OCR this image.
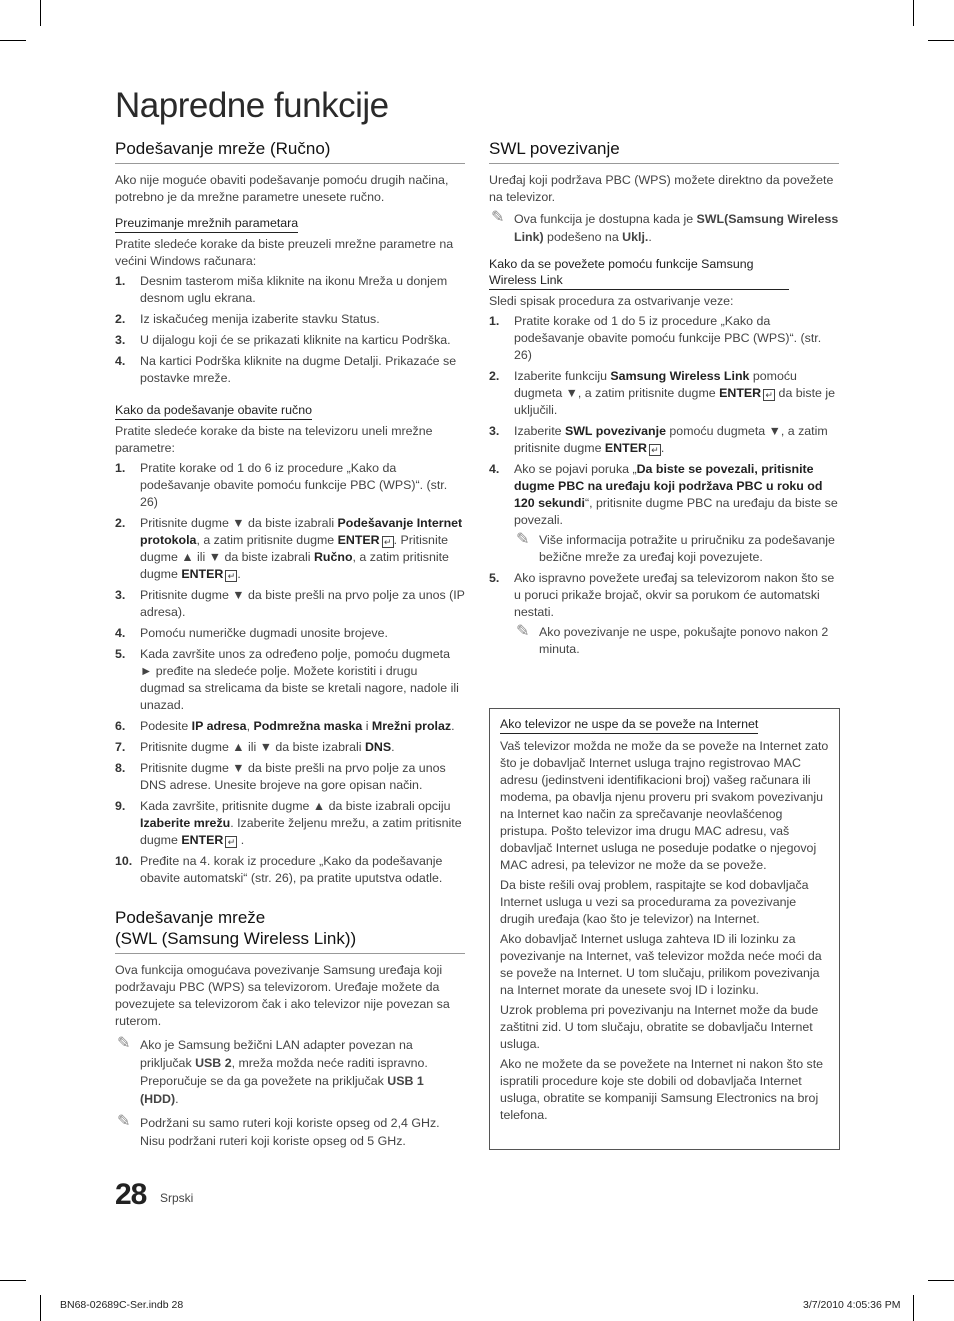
Napredne funkcije
Podešavanje mreže (Ručno)

Ako nije moguće obaviti podešavanje pomoću drugih načina, potrebno je da mrežne parametre unesete ručno.

Preuzimanje mrežnih parametara

Pratite sledeće korake da biste preuzeli mrežne parametre na većini Windows računara:

1. Desnim tasterom miša kliknite na ikonu Mreža u donjem desnom uglu ekrana.
2. Iz iskačućeg menija izaberite stavku Status.
3. U dijalogu koji će se prikazati kliknite na karticu Podrška.
4. Na kartici Podrška kliknite na dugme Detalji. Prikazaće se postavke mreže.
Kako da podešavanje obavite ručno

Pratite sledeće korake da biste na televizoru uneli mrežne parametre:

1. Pratite korake od 1 do 6 iz procedure „Kako da podešavanje obavite pomoću funkcije PBC (WPS)“. (str. 26)
2. Pritisnite dugme ▼ da biste izabrali Podešavanje Internet protokola, a zatim pritisnite dugme ENTER ↵ . Pritisnite dugme ▲ ili ▼ da biste izabrali Ručno, a zatim pritisnite dugme ENTER ↵ .
3. Pritisnite dugme ▼ da biste prešli na prvo polje za unos (IP adresa).
4. Pomoću numeričke dugmadi unosite brojeve.
5. Kada završite unos za određeno polje, pomoću dugmeta ► pređite na sledeće polje. Možete koristiti i drugu dugmad sa strelicama da biste se kretali nagore, nadole ili unazad.
6. Podesite IP adresa, Podmrežna maska i Mrežni prolaz.
7. Pritisnite dugme ▲ ili ▼ da biste izabrali DNS.
8. Pritisnite dugme ▼ da biste prešli na prvo polje za unos DNS adrese. Unesite brojeve na gore opisan način.
9. Kada završite, pritisnite dugme ▲ da biste izabrali opciju Izaberite mrežu. Izaberite željenu mrežu, a zatim pritisnite dugme ENTER ↵ .
10. Pređite na 4. korak iz procedure „Kako da podešavanje obavite automatski“ (str. 26), pa pratite uputstva odatle.
Podešavanje mreže
(SWL (Samsung Wireless Link))

Ova funkcija omogućava povezivanje Samsung uređaja koji podržavaju PBC (WPS) sa televizorom. Uređaje možete da povezujete sa televizorom čak i ako televizor nije povezan sa ruterom.

✎ Ako je Samsung bežični LAN adapter povezan na priključak USB 2, mreža možda neće raditi ispravno. Preporučuje se da ga povežete na priključak USB 1 (HDD).
✎ Podržani su samo ruteri koji koriste opseg od 2,4 GHz. Nisu podržani ruteri koji koriste opseg od 5 GHz.
SWL povezivanje

Uređaj koji podržava PBC (WPS) možete direktno da povežete na televizor.

✎ Ova funkcija je dostupna kada je SWL(Samsung Wireless Link) podešeno na Uklj..
Kako da se povežete pomoću funkcije Samsung Wireless Link

Sledi spisak procedura za ostvarivanje veze:

1. Pratite korake od 1 do 5 iz procedure „Kako da podešavanje obavite pomoću funkcije PBC (WPS)“. (str. 26)
2. Izaberite funkciju Samsung Wireless Link pomoću dugmeta ▼, a zatim pritisnite dugme ENTER ↵ da biste je uključili.
3. Izaberite SWL povezivanje pomoću dugmeta ▼, a zatim pritisnite dugme ENTER ↵ .
4. Ako se pojavi poruka „Da biste se povezali, pritisnite dugme PBC na uređaju koji podržava PBC u roku od 120 sekundi“, pritisnite dugme PBC na uređaju da biste se povezali.
✎ Više informacija potražite u priručniku za podešavanje bežične mreže za uređaj koji povezujete.
5. Ako ispravno povežete uređaj sa televizorom nakon što se u poruci prikaže brojač, okvir sa porukom će automatski nestati.
✎ Ako povezivanje ne uspe, pokušajte ponovo nakon 2 minuta.
Ako televizor ne uspe da se poveže na Internet

Vaš televizor možda ne može da se poveže na Internet zato što je dobavljač Internet usluga trajno registrovao MAC adresu (jedinstveni identifikacioni broj) vašeg računara ili modema, pa obavlja njenu proveru pri svakom povezivanju na Internet kao način za sprečavanje neovlašćenog pristupa. Pošto televizor ima drugu MAC adresu, vaš dobavljač Internet usluga ne poseduje podatke o njegovoj MAC adresi, pa televizor ne može da se poveže.

Da biste rešili ovaj problem, raspitajte se kod dobavljača Internet usluga u vezi sa procedurama za povezivanje drugih uređaja (kao što je televizor) na Internet.

Ako dobavljač Internet usluga zahteva ID ili lozinku za povezivanje na Internet, vaš televizor možda neće moći da se poveže na Internet. U tom slučaju, prilikom povezivanja na Internet morate da unesete svoj ID i lozinku.

Uzrok problema pri povezivanju na Internet može da bude zaštitni zid. U tom slučaju, obratite se dobavljaču Internet usluga.

Ako ne možete da se povežete na Internet ni nakon što ste ispratili procedure koje ste dobili od dobavljača Internet usluga, obratite se kompaniji Samsung Electronics na broj telefona.

28 Srpski
BN68-02689C-Ser.indb 28	3/7/2010 4:05:36 PM
